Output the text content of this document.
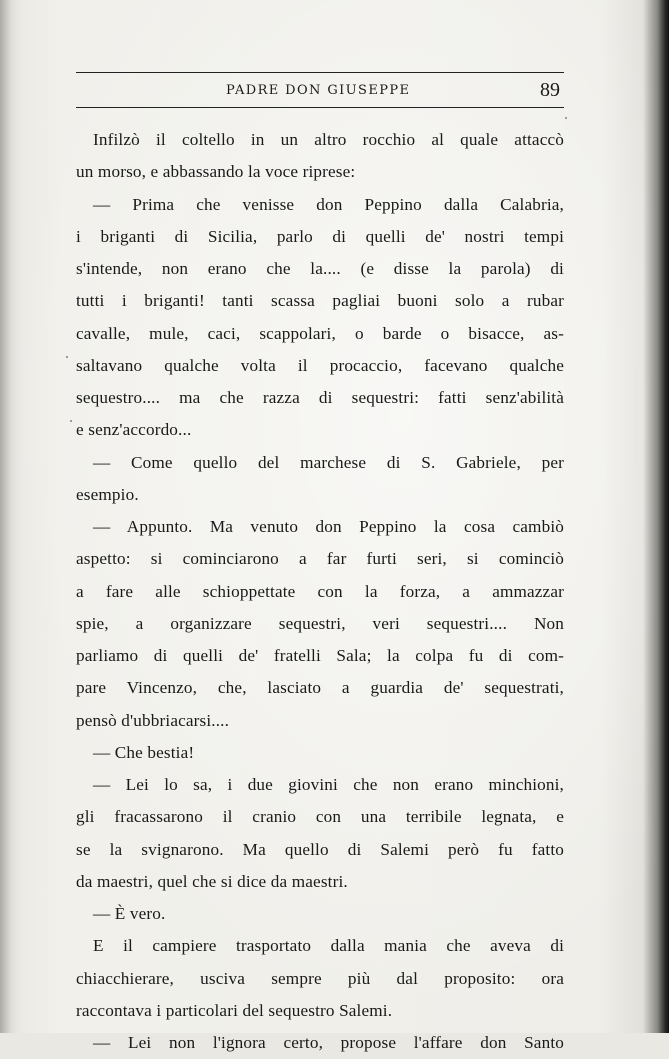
PADRE DON GIUSEPPE	89
Infilzò il coltello in un altro rocchio al quale attaccò
un morso, e abbassando la voce riprese:
— Prima che venisse don Peppino dalla Calabria,
i briganti di Sicilia, parlo di quelli de' nostri tempi
s'intende, non erano che la.... (e disse la parola) di
tutti i briganti! tanti scassa pagliai buoni solo a rubar
cavalle, mule, caci, scappolari, o barde o bisacce, as-
saltavano qualche volta il procaccio, facevano qualche
sequestro.... ma che razza di sequestri: fatti senz'abilità
e senz'accordo...
— Come quello del marchese di S. Gabriele, per
esempio.
— Appunto. Ma venuto don Peppino la cosa cambiò
aspetto: si cominciarono a far furti seri, si cominciò
a fare alle schioppettate con la forza, a ammazzar
spie, a organizzare sequestri, veri sequestri.... Non
parliamo di quelli de' fratelli Sala; la colpa fu di com-
pare Vincenzo, che, lasciato a guardia de' sequestrati,
pensò d'ubbriacarsi....
— Che bestia!
— Lei lo sa, i due giovini che non erano minchioni,
gli fracassarono il cranio con una terribile legnata, e
se la svignarono. Ma quello di Salemi però fu fatto
da maestri, quel che si dice da maestri.
— È vero.
E il campiere trasportato dalla mania che aveva di
chiacchierare, usciva sempre più dal proposito: ora
raccontava i particolari del sequestro Salemi.
— Lei non l'ignora certo, propose l'affare don Santo
